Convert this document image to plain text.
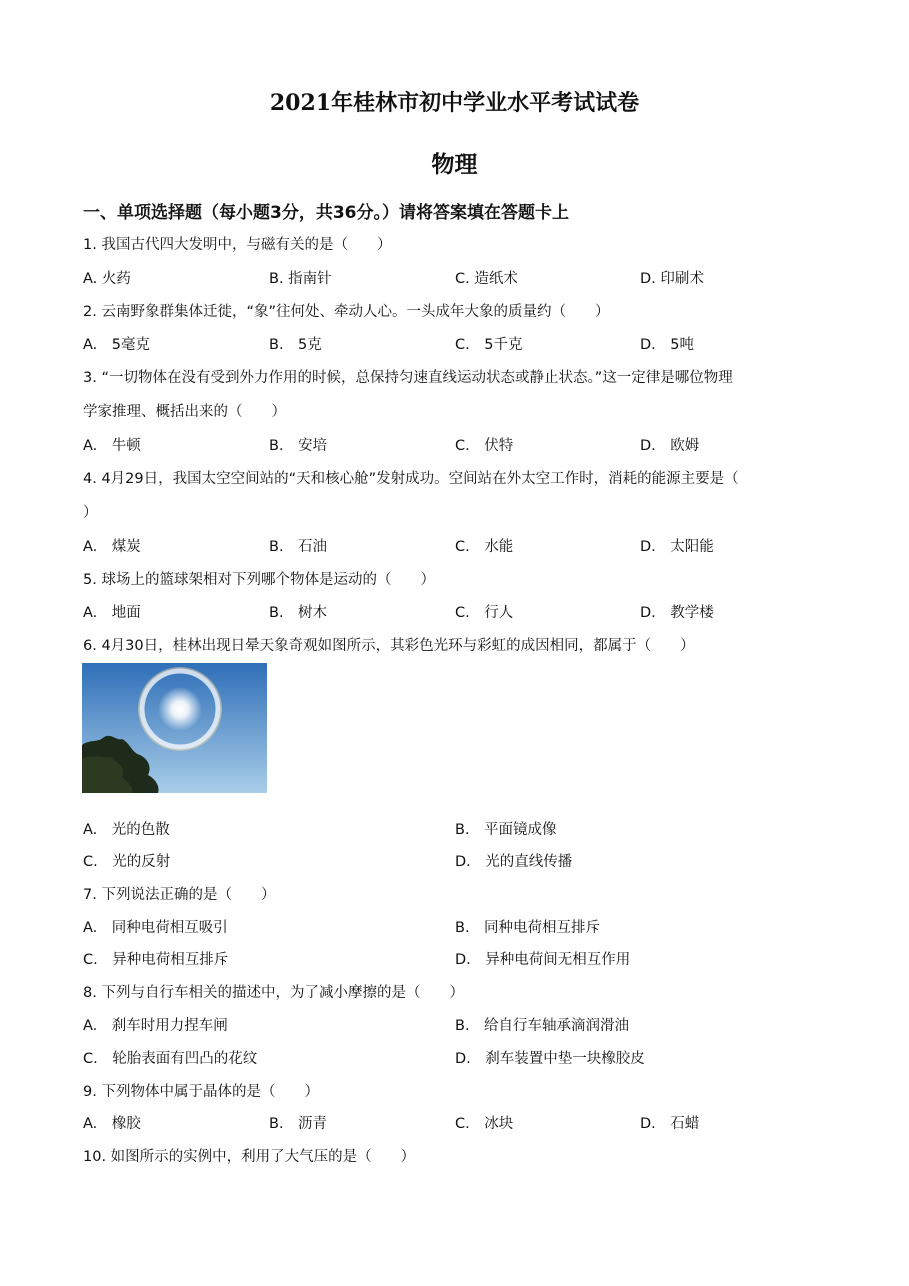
2021年桂林市初中学业水平考试试卷
物理
一、单项选择题（每小题3分，共36分。）请将答案填在答题卡上
1. 我国古代四大发明中，与磁有关的是（　　）
A. 火药	B. 指南针	C. 造纸术	D. 印刷术
2. 云南野象群集体迁徙，“象”往何处、牵动人心。一头成年大象的质量约（　　）
A.　5毫克	B.　5克	C.　5千克	D.　5吨
3. “一切物体在没有受到外力作用的时候，总保持匀速直线运动状态或静止状态。”这一定律是哪位物理
学家推理、概括出来的（　　）
A.　牛顿	B.　安培	C.　伏特	D.　欧姆
4. 4月29日，我国太空空间站的“天和核心舱”发射成功。空间站在外太空工作时，消耗的能源主要是（
）
A.　煤炭	B.　石油	C.　水能	D.　太阳能
5. 球场上的篮球架相对下列哪个物体是运动的（　　）
A.　地面	B.　树木	C.　行人	D.　教学楼
6. 4月30日，桂林出现日晕天象奇观如图所示，其彩色光环与彩虹的成因相同，都属于（　　）
A.　光的色散	B.　平面镜成像
C.　光的反射	D.　光的直线传播
7. 下列说法正确的是（　　）
A.　同种电荷相互吸引	B.　同种电荷相互排斥
C.　异种电荷相互排斥	D.　异种电荷间无相互作用
8. 下列与自行车相关的描述中，为了减小摩擦的是（　　）
A.　刹车时用力捏车闸	B.　给自行车轴承滴润滑油
C.　轮胎表面有凹凸的花纹	D.　刹车装置中垫一块橡胶皮
9. 下列物体中属于晶体的是（　　）
A.　橡胶	B.　沥青	C.　冰块	D.　石蜡
10. 如图所示的实例中，利用了大气压的是（　　）
